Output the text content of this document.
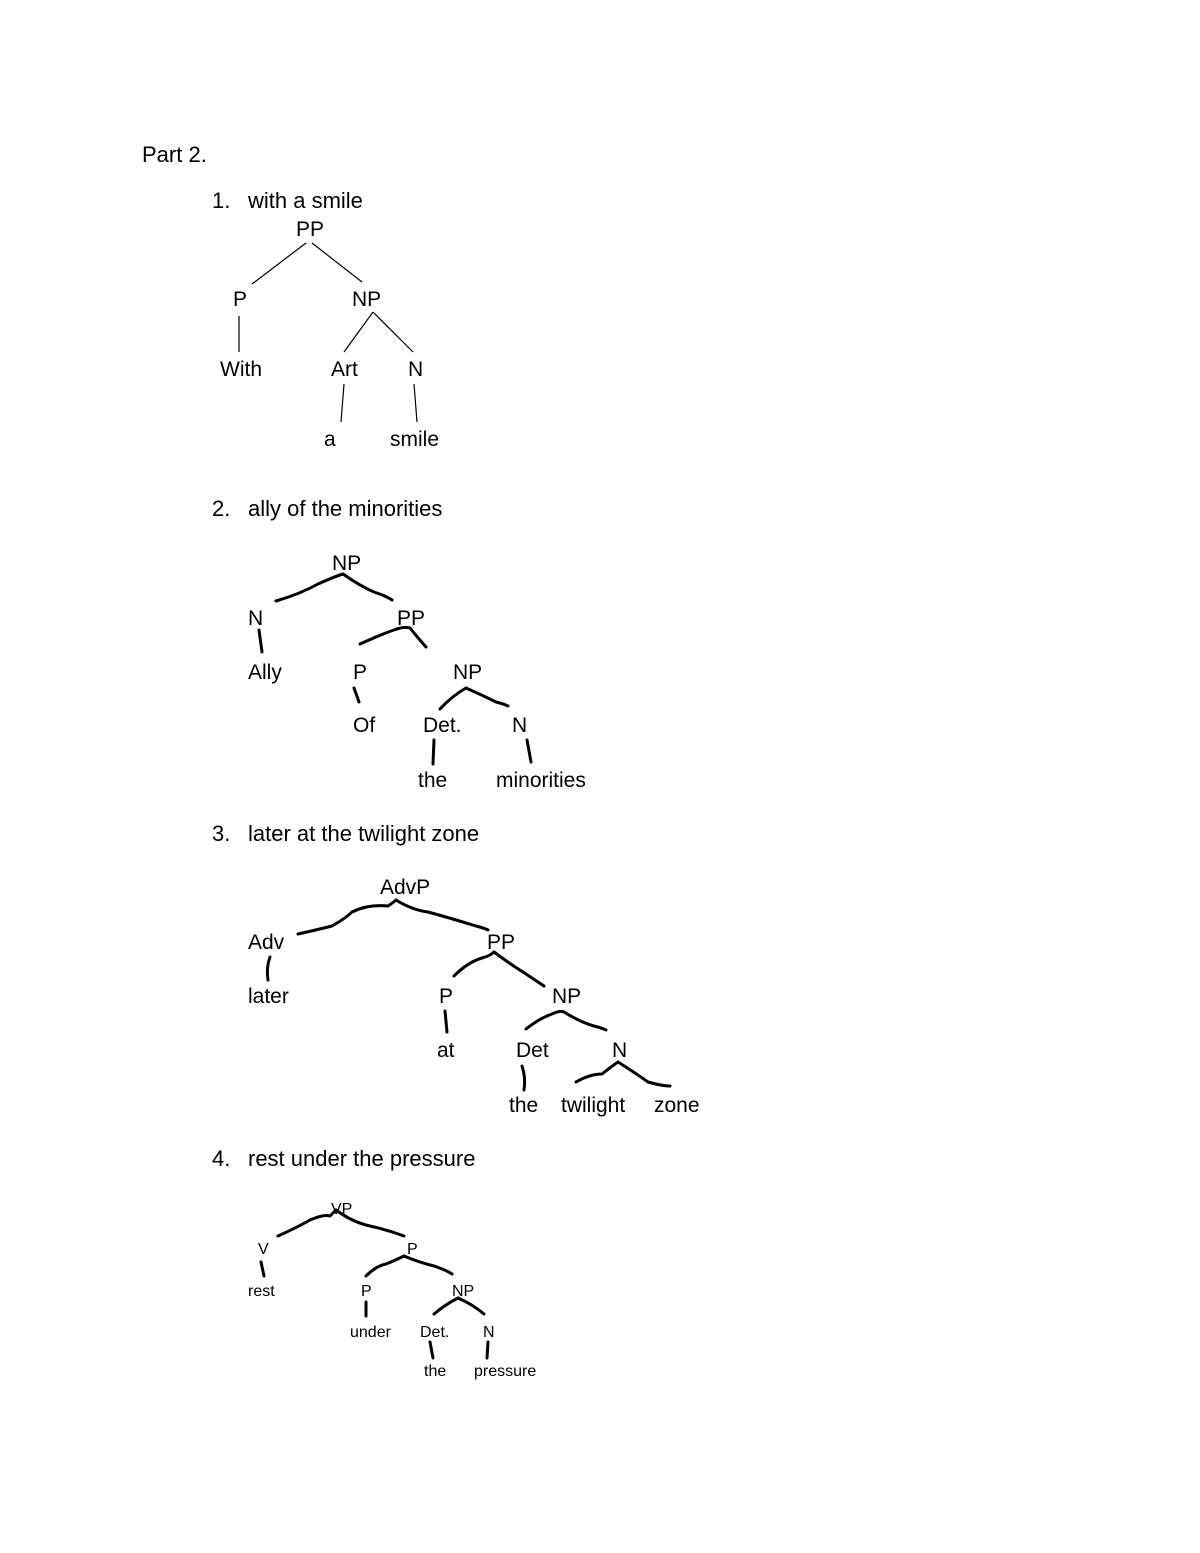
Part 2.
1. with a smile
PP
P	NP
With	Art N
a	smile
2. ally of the minorities
NP
N	PP
Ally	P	NP
Of Det. N
the minorities
3. later at the twilight zone
AdvP
Adv	PP
later	P	NP
at	Det	N
the twilight zone
4. rest under the pressure
VP
V	P
rest	P	NP
under Det. N
the pressure
